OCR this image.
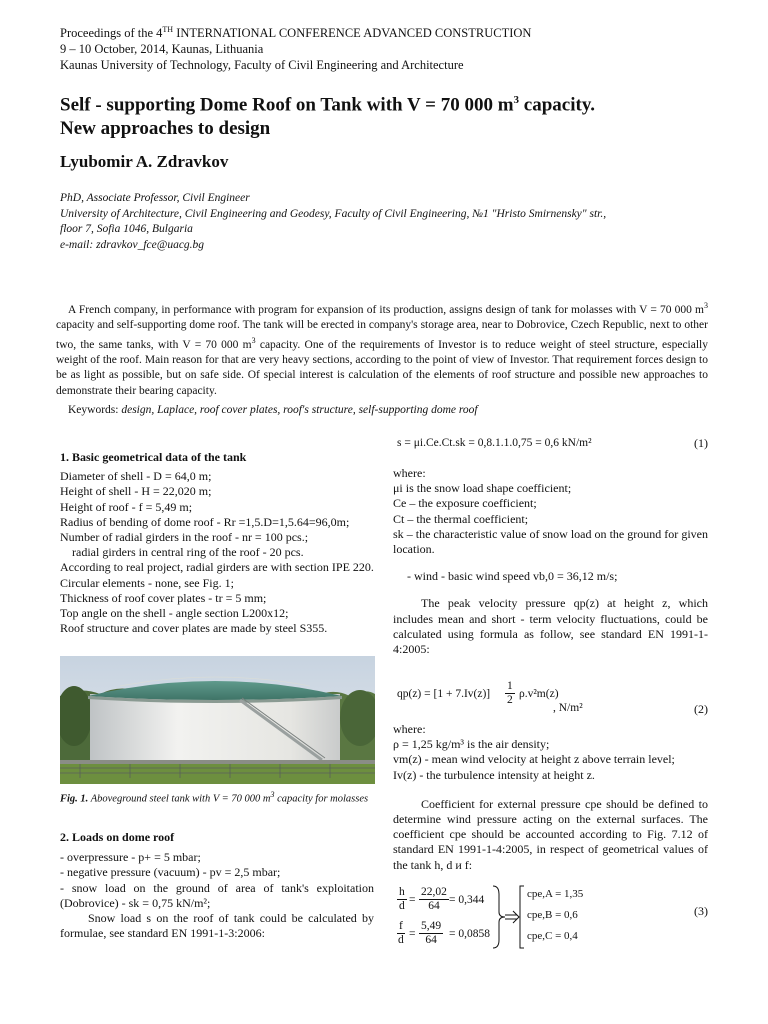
Proceedings of the 4TH INTERNATIONAL CONFERENCE ADVANCED CONSTRUCTION
9 – 10 October, 2014, Kaunas, Lithuania
Kaunas University of Technology, Faculty of Civil Engineering and Architecture
Self - supporting Dome Roof on Tank with V = 70 000 $m^3$ capacity.
New approaches to design
Lyubomir A. Zdravkov
PhD, Associate Professor, Civil Engineer
University of Architecture, Civil Engineering and Geodesy, Faculty of Civil Engineering, №1 "Hristo Smirnensky" str.,
floor 7, Sofia 1046, Bulgaria
e-mail: zdravkov_fce@uacg.bg
A French company, in performance with program for expansion of its production, assigns design of tank for molasses with V = 70 000 $m^3$ capacity and self-supporting dome roof. The tank will be erected in company's storage area, near to Dobrovice, Czech Republic, next to other two, the same tanks, with V = 70 000 $m^3$ capacity. One of the requirements of Investor is to reduce weight of steel structure, especially weight of the roof. Main reason for that are very heavy sections, according to the point of view of Investor. That requirement forces design to be as light as possible, but on safe side. Of special interest is calculation of the elements of roof structure and possible new approaches to demonstrate their bearing capacity.
Keywords: design, Laplace, roof cover plates, roof's structure, self-supporting dome roof
1. Basic geometrical data of the tank
Diameter of shell - D = 64,0 m;
Height of shell - H = 22,020 m;
Height of roof - f = 5,49 m;
Radius of bending of dome roof - Rr =1,5.D=1,5.64=96,0m;
Number of radial girders in the roof - nr = 100 pcs.;
radial girders in central ring of the roof - 20 pcs.
According to real project, radial girders are with section IPE 220.
Circular elements - none, see Fig. 1;
Thickness of roof cover plates - tr = 5 mm;
Top angle on the shell - angle section L200x12;
Roof structure and cover plates are made by steel S355.
Fig. 1. Aboveground steel tank with V = 70 000 $m^3$ capacity for molasses
2. Loads on dome roof
- overpressure - p+ = 5 mbar;
- negative pressure (vacuum) - pv = 2,5 mbar;
- snow load on the ground of area of tank's exploitation (Dobrovice) - sk = 0,75 kN/m²;
Snow load s on the roof of tank could be calculated by formulae, see standard EN 1991-1-3:2006:
s = μi.Ce.Ct.sk = 0,8.1.1.0,75 = 0,6 kN/m²	(1)
where:
μi is the snow load shape coefficient;
Ce – the exposure coefficient;
Ct – the thermal coefficient;
sk – the characteristic value of snow load on the ground for given location.
- wind - basic wind speed vb,0 = 36,12 m/s;
The peak velocity pressure qp(z) at height z, which includes mean and short - term velocity fluctuations, could be calculated using formula as follow, see standard EN 1991-1-4:2005:
$qp(z) = [1 + 7.Iv(z)] \frac{1}{2} \rho.v^2m(z)$
, N/m²	(2)
where:
ρ = 1,25 kg/m³ is the air density;
vm(z) - mean wind velocity at height z above terrain level;
Iv(z) - the turbulence intensity at height z.
Coefficient for external pressure cpe should be defined to determine wind pressure acting on the external surfaces. The coefficient cpe should be accounted according to Fig. 7.12 of standard EN 1991-1-4:2005, in respect of geometrical values of the tank h, d и f:
$\frac{h}{d} = \frac{22,02}{64} = 0,344$
$\frac{f}{d} = \frac{5,49}{64} = 0,0858$
cpe,A = 1,35
cpe,B = 0,6
cpe,C = 0,4
(3)
